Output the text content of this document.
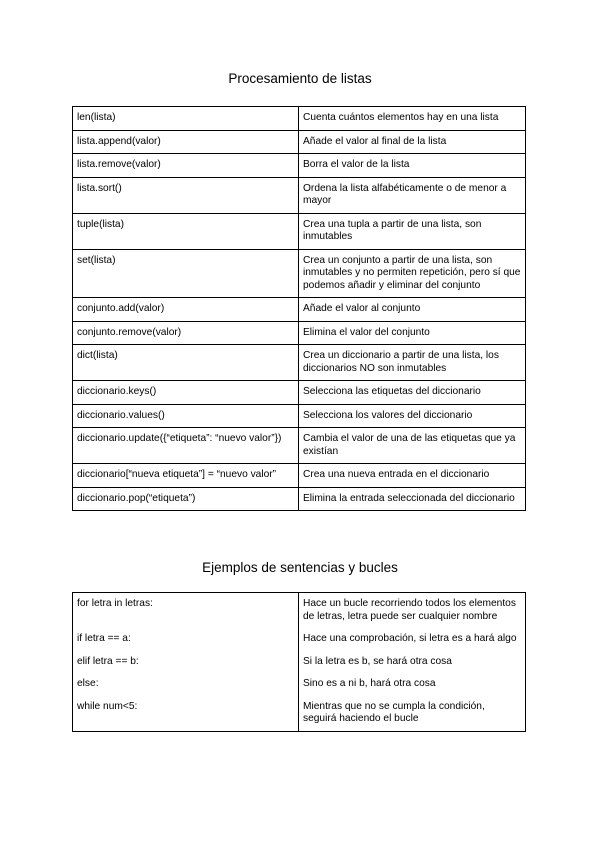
Procesamiento de listas
len(lista)	Cuenta cuántos elementos hay en una lista
lista.append(valor)	Añade el valor al final de la lista
lista.remove(valor)	Borra el valor de la lista
lista.sort()	Ordena la lista alfabéticamente o de menor a mayor
tuple(lista)	Crea una tupla a partir de una lista, son inmutables
set(lista)	Crea un conjunto a partir de una lista, son inmutables y no permiten repetición, pero sí que podemos añadir y eliminar del conjunto
conjunto.add(valor)	Añade el valor al conjunto
conjunto.remove(valor)	Elimina el valor del conjunto
dict(lista)	Crea un diccionario a partir de una lista, los diccionarios NO son inmutables
diccionario.keys()	Selecciona las etiquetas del diccionario
diccionario.values()	Selecciona los valores del diccionario
diccionario.update({“etiqueta”: “nuevo valor”})	Cambia el valor de una de las etiquetas que ya existían
diccionario[“nueva etiqueta”] = “nuevo valor”	Crea una nueva entrada en el diccionario
diccionario.pop(“etiqueta”)	Elimina la entrada seleccionada del diccionario
Ejemplos de sentencias y bucles
for letra in letras:	Hace un bucle recorriendo todos los elementos de letras, letra puede ser cualquier nombre
if letra == a:	Hace una comprobación, si letra es a hará algo
elif letra == b:	Si la letra es b, se hará otra cosa
else:	Sino es a ni b, hará otra cosa
while num<5:	Mientras que no se cumpla la condición, seguirá haciendo el bucle
